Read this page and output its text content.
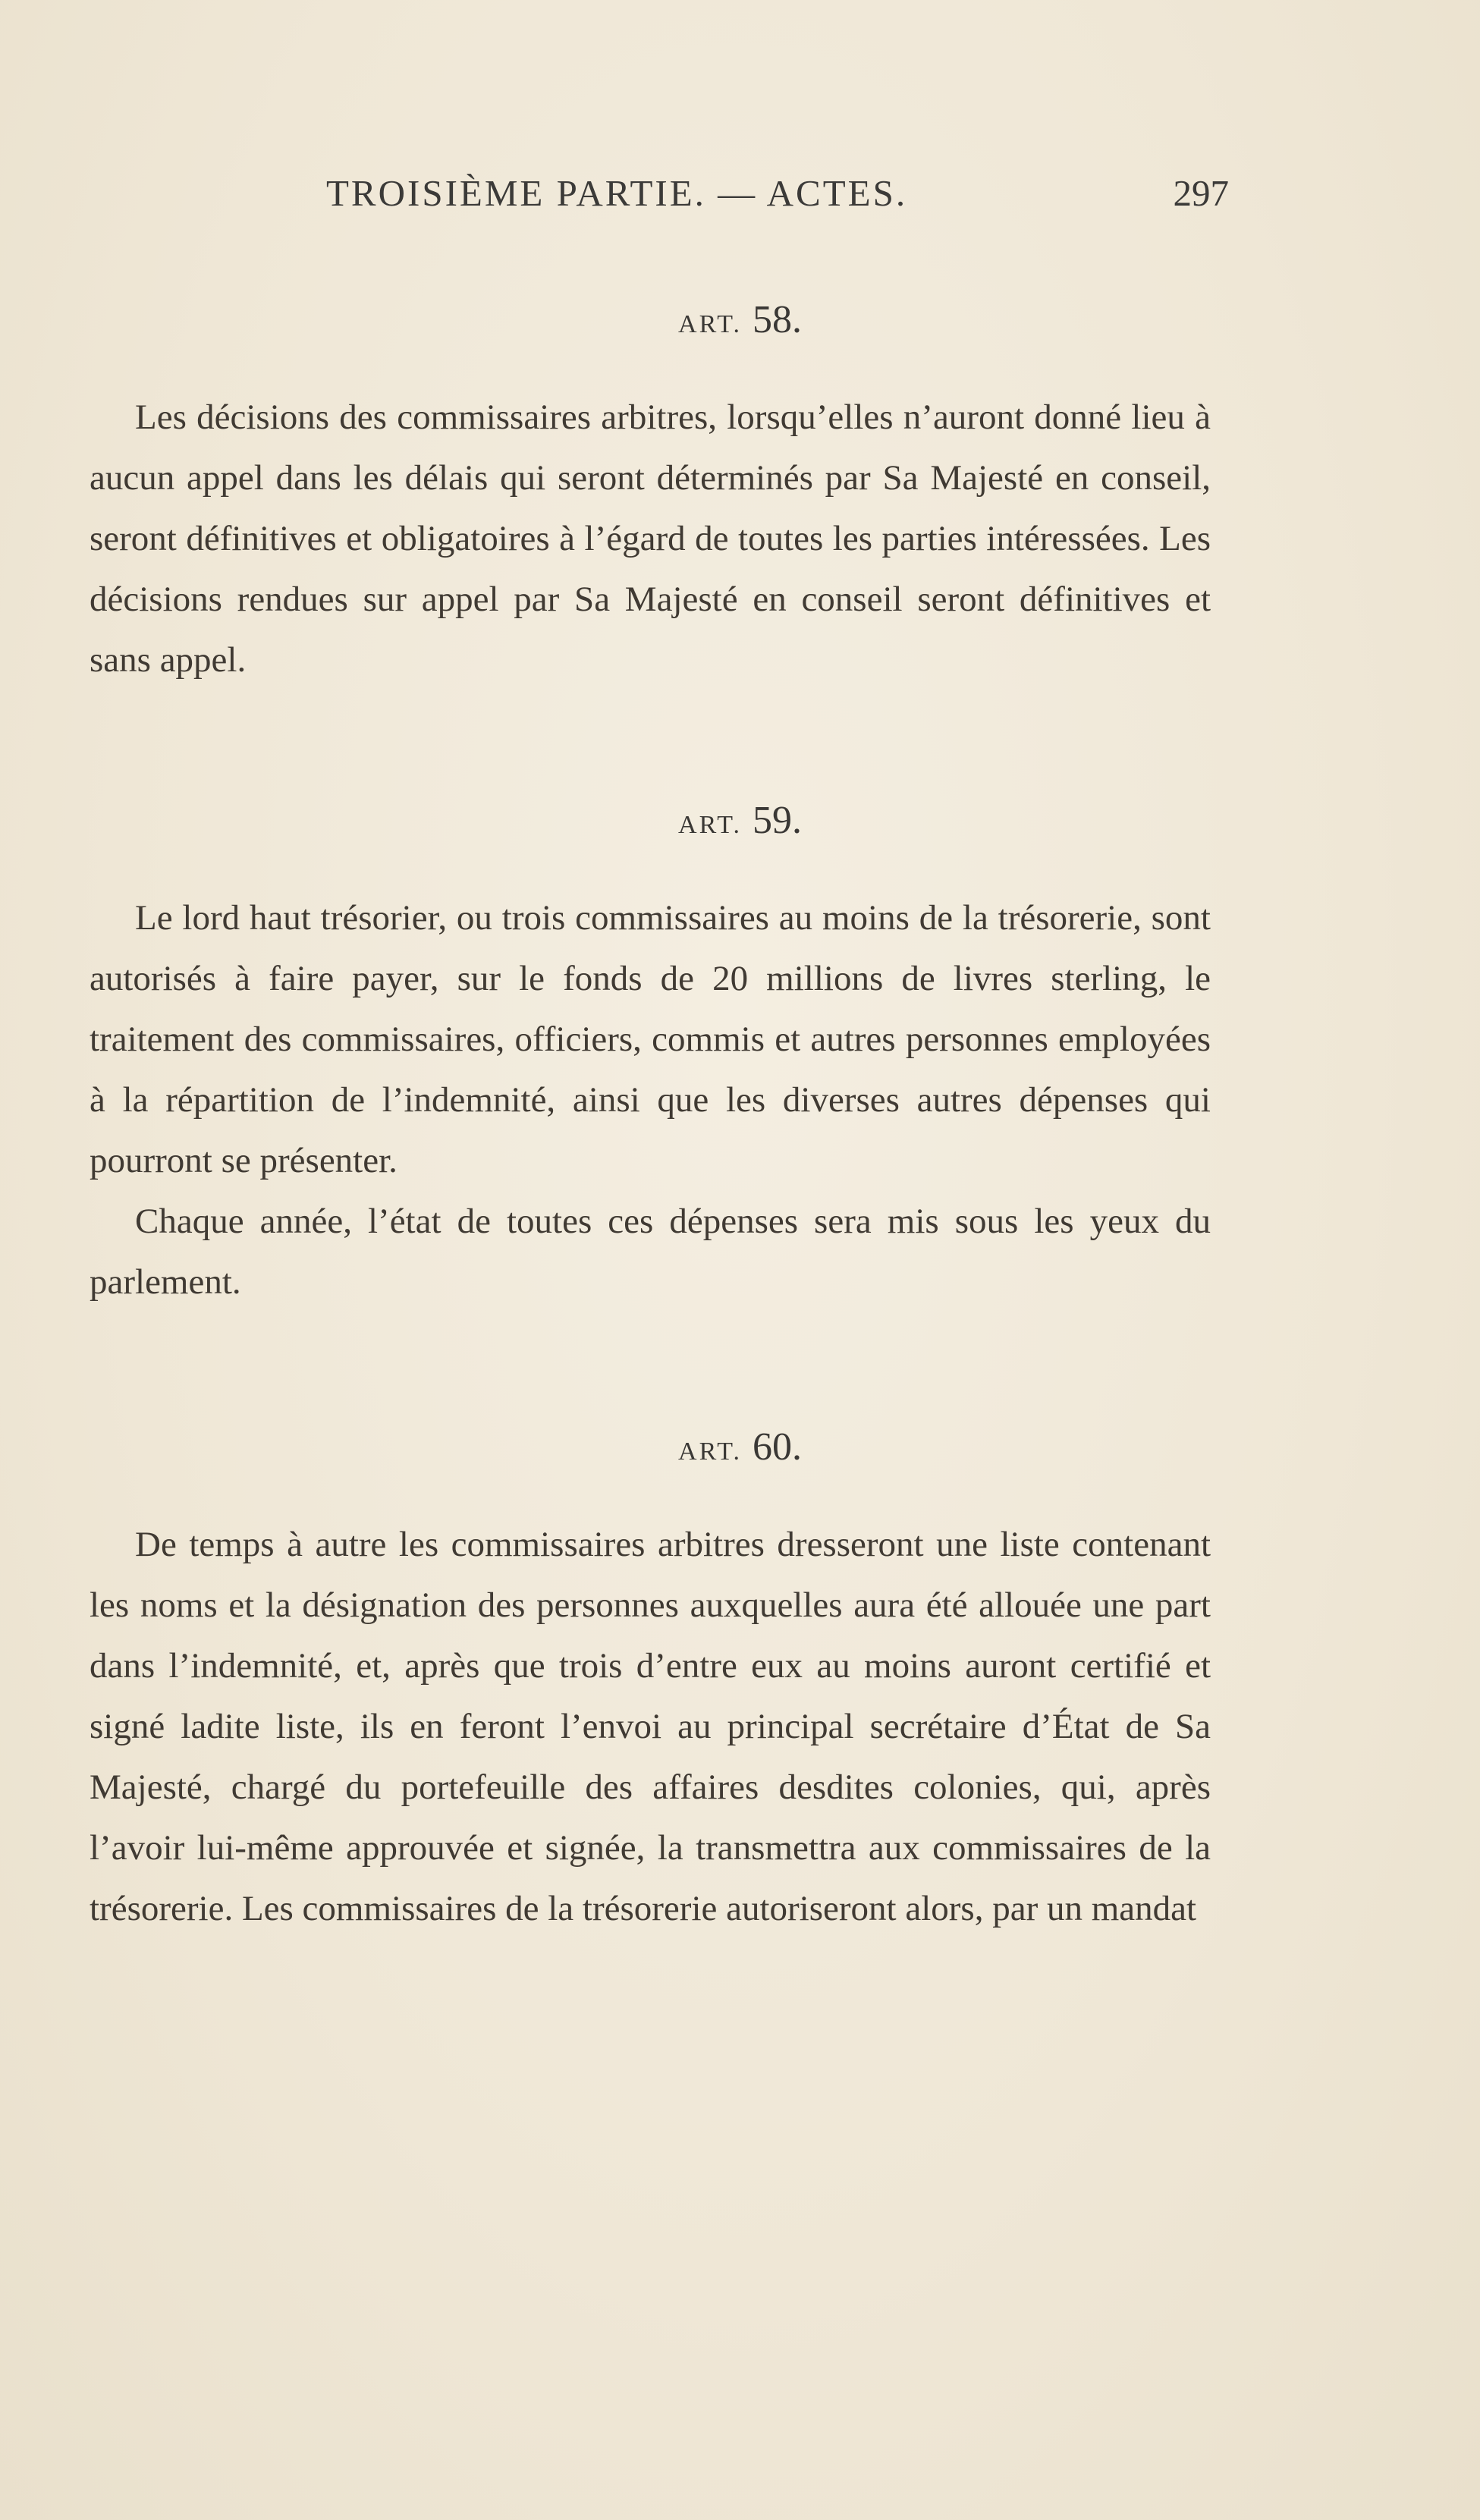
TROISIÈME PARTIE. — ACTES.	297
ART. 58.

Les décisions des commissaires arbitres, lorsqu’elles n’auront donné lieu à aucun appel dans les délais qui seront déterminés par Sa Majesté en conseil, seront définitives et obligatoires à l’égard de toutes les parties intéressées. Les décisions rendues sur appel par Sa Majesté en conseil seront définitives et sans appel.

ART. 59.

Le lord haut trésorier, ou trois commissaires au moins de la trésorerie, sont autorisés à faire payer, sur le fonds de 20 millions de livres sterling, le traitement des commissaires, officiers, commis et autres personnes employées à la répartition de l’indemnité, ainsi que les diverses autres dépenses qui pourront se présenter.

Chaque année, l’état de toutes ces dépenses sera mis sous les yeux du parlement.

ART. 60.

De temps à autre les commissaires arbitres dresseront une liste contenant les noms et la désignation des personnes auxquelles aura été allouée une part dans l’indemnité, et, après que trois d’entre eux au moins auront certifié et signé ladite liste, ils en feront l’envoi au principal secrétaire d’État de Sa Majesté, chargé du portefeuille des affaires desdites colonies, qui, après l’avoir lui-même approuvée et signée, la transmettra aux commissaires de la trésorerie. Les commissaires de la trésorerie autoriseront alors, par un mandat
